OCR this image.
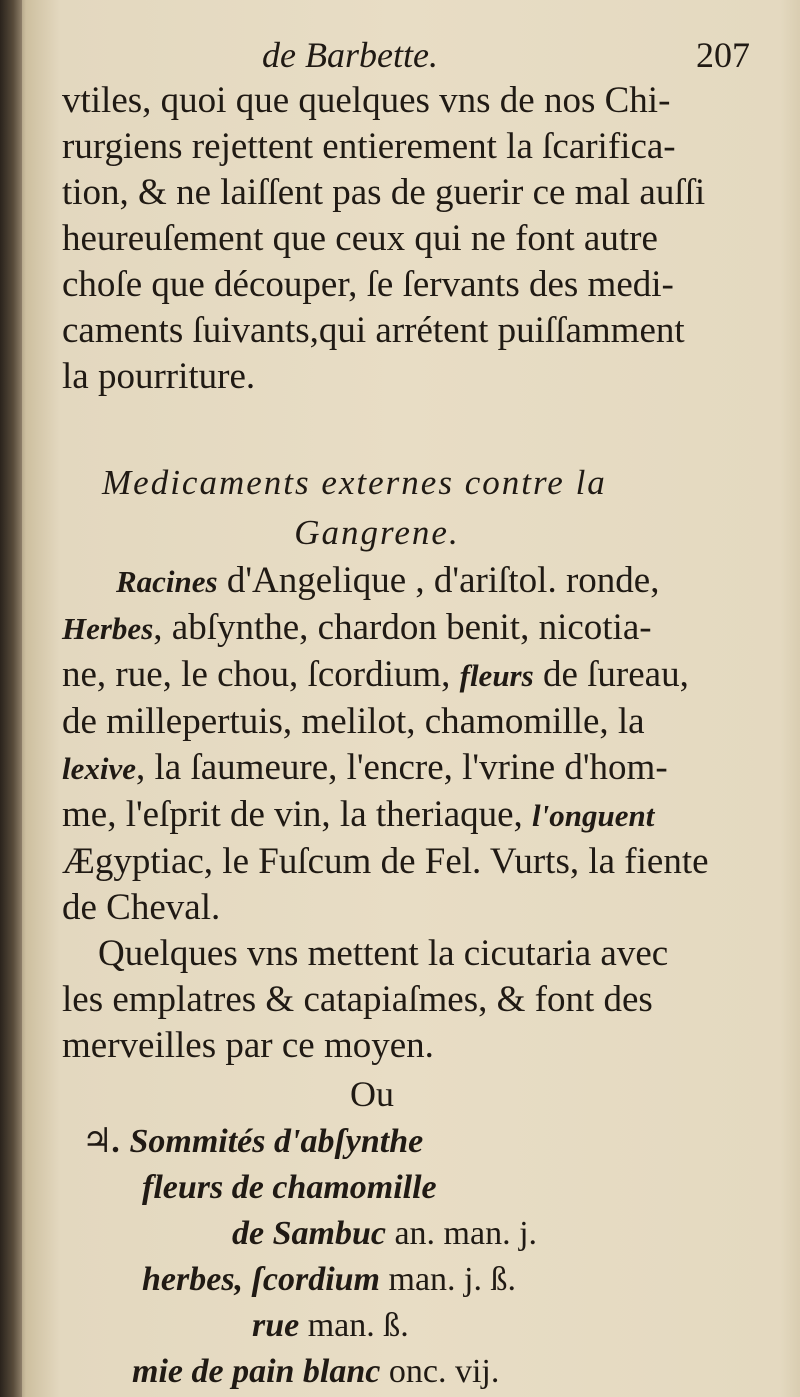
de Barbette.	207

vtiles, quoi que quelques vns de nos Chi-
rurgiens rejettent entierement la ſcarifica-
tion, & ne laiſſent pas de guerir ce mal auſſi
heureuſement que ceux qui ne font autre
choſe que découper, ſe ſervants des medi-
caments ſuivants,qui arrétent puiſſamment
la pourriture.

Medicaments externes contre la
Gangrene.

Racines d'Angelique , d'ariſtol. ronde,
Herbes, abſynthe, chardon benit, nicotia-
ne, rue, le chou, ſcordium, fleurs de ſureau,
de millepertuis, melilot, chamomille, la
lexive, la ſaumeure, l'encre, l'vrine d'hom-
me, l'eſprit de vin, la theriaque, l'onguent
Ægyptiac, le Fuſcum de Fel. Vurts, la fiente
de Cheval.

Quelques vns mettent la cicutaria avec
les emplatres & catapiaſmes, & font des
merveilles par ce moyen.

Ou
♃. Sommités d'abſynthe
fleurs de chamomille
de Sambuc an. man. j.
herbes, ſcordium man. j. ß.
rue man. ß.
mie de pain blanc onc. vij.
